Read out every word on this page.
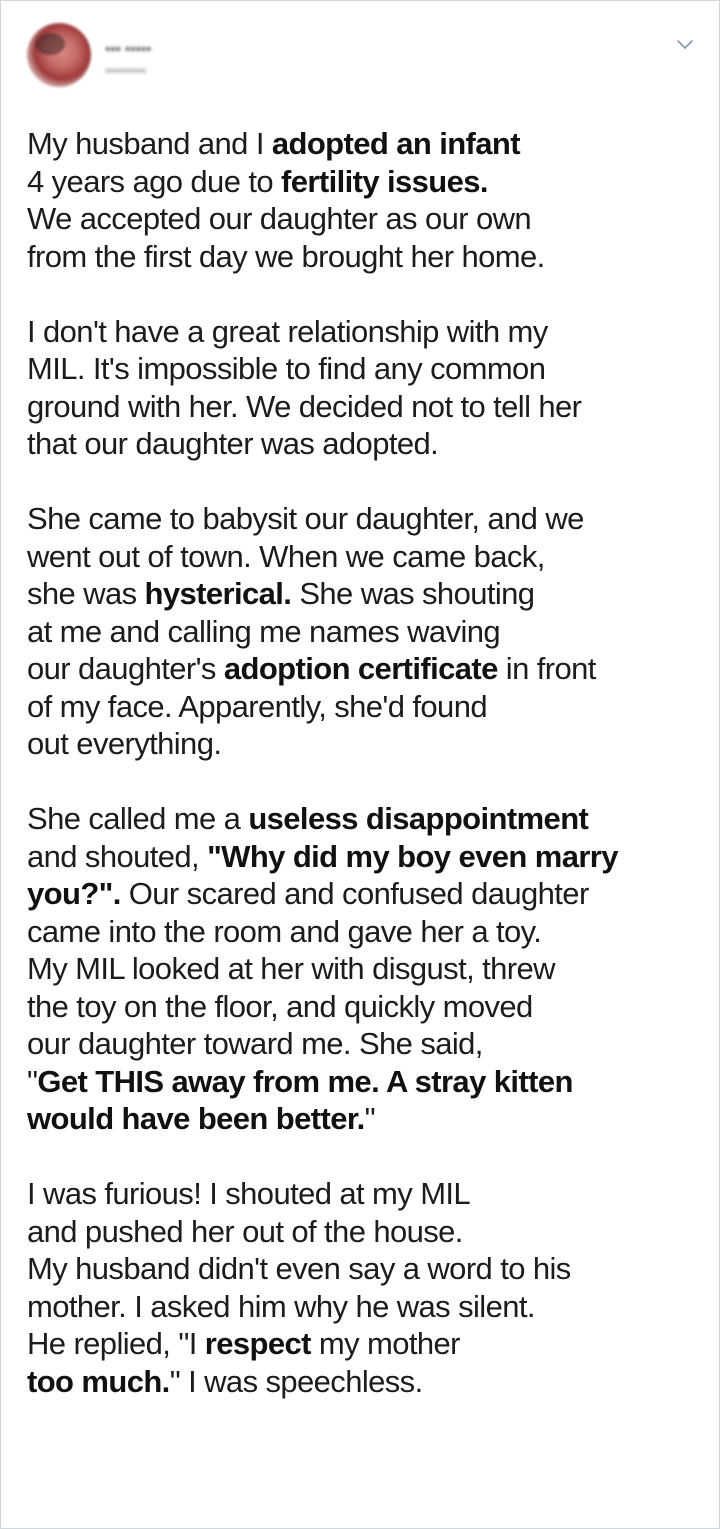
••• •••••
•••••••••
My husband and I adopted an infant
4 years ago due to fertility issues.
We accepted our daughter as our own
from the first day we brought her home.
I don't have a great relationship with my
MIL. It's impossible to find any common
ground with her. We decided not to tell her
that our daughter was adopted.
She came to babysit our daughter, and we
went out of town. When we came back,
she was hysterical. She was shouting
at me and calling me names waving
our daughter's adoption certificate in front
of my face. Apparently, she'd found
out everything.
She called me a useless disappointment
and shouted, "Why did my boy even marry
you?". Our scared and confused daughter
came into the room and gave her a toy.
My MIL looked at her with disgust, threw
the toy on the floor, and quickly moved
our daughter toward me. She said,
"Get THIS away from me. A stray kitten
would have been better."
I was furious! I shouted at my MIL
and pushed her out of the house.
My husband didn't even say a word to his
mother. I asked him why he was silent.
He replied, "I respect my mother
too much." I was speechless.
